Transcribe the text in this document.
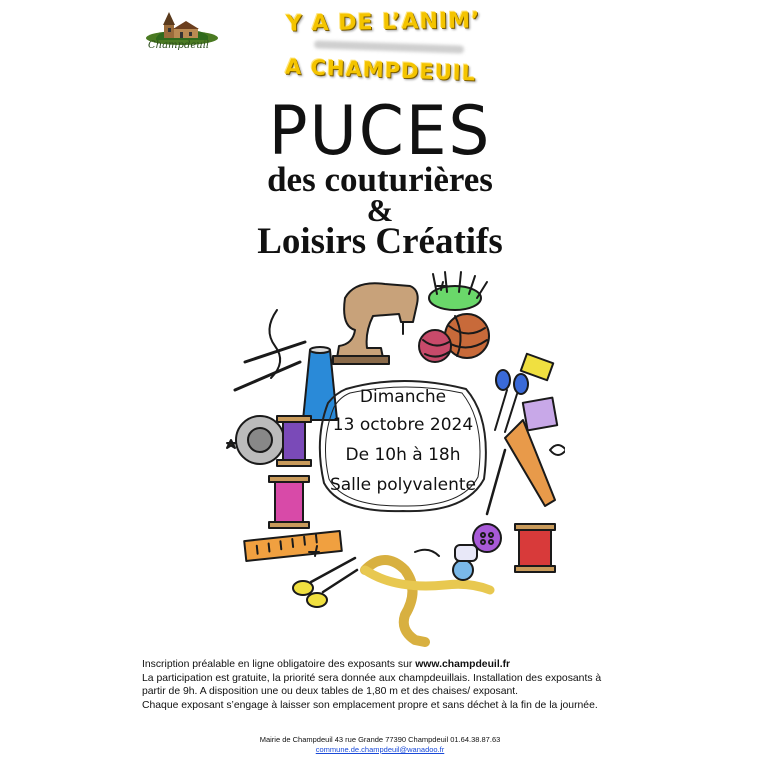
Champdeuil
Y A DE L’ANIM’
A CHAMPDEUIL
PUCES
des couturières
&
Loisirs Créatifs
Dimanche
13 octobre 2024
De 10h à 18h
Salle polyvalente
Inscription préalable en ligne obligatoire des exposants sur www.champdeuil.fr
La participation est gratuite, la priorité sera donnée aux champdeuillais. Installation des exposants à
partir de 9h. A disposition une ou deux tables de 1,80 m et des chaises/ exposant.
Chaque exposant s’engage à laisser son emplacement propre et sans déchet à la fin de la journée.
Mairie de Champdeuil 43 rue Grande 77390 Champdeuil 01.64.38.87.63
commune.de.champdeuil@wanadoo.fr
